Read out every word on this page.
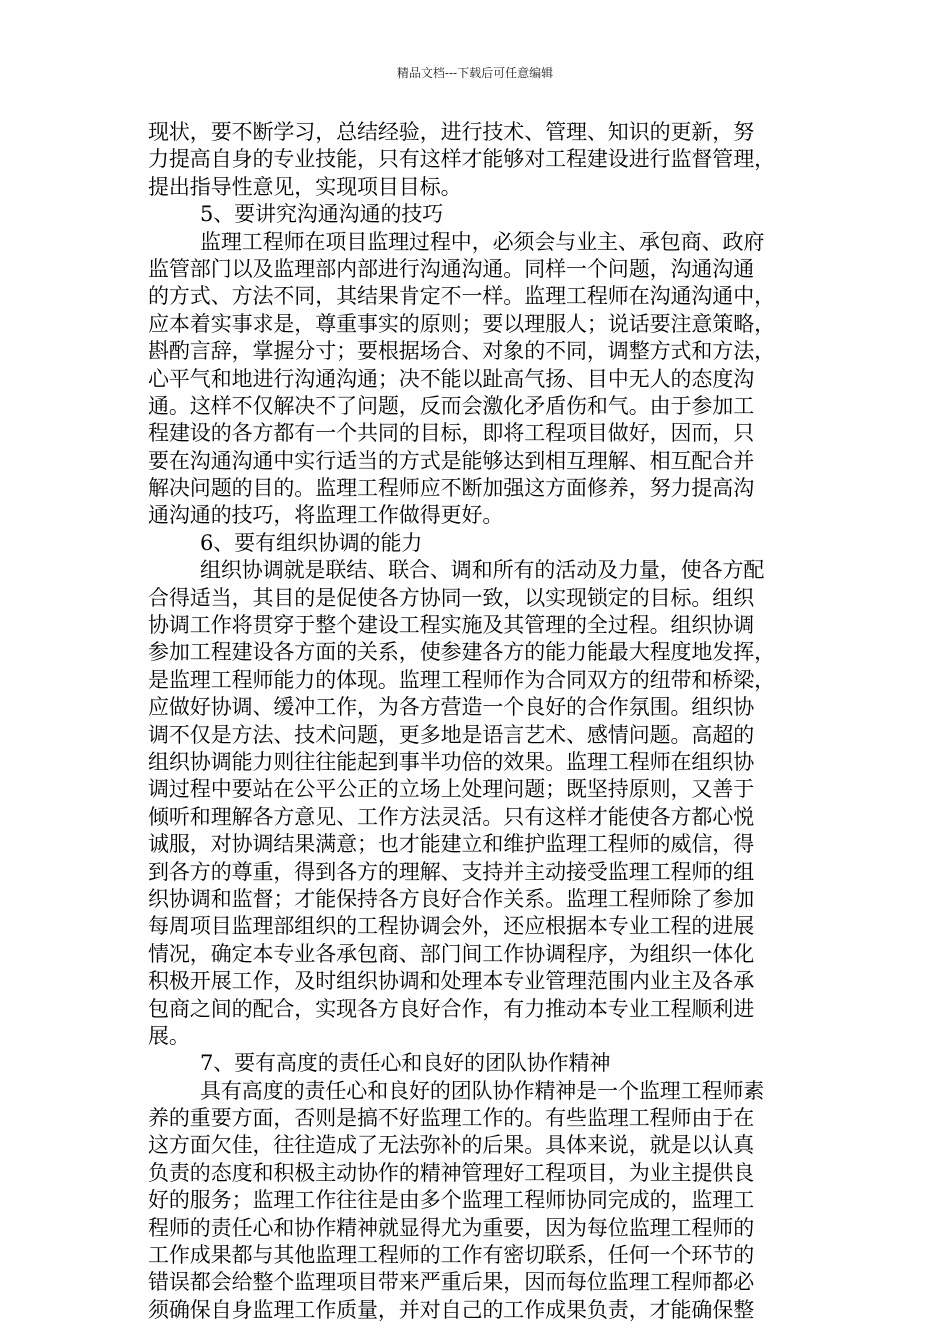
精品文档---下载后可任意编辑
现状，要不断学习，总结经验，进行技术、管理、知识的更新，努
力提高自身的专业技能，只有这样才能够对工程建设进行监督管理，
提出指导性意见，实现项目目标。
5、要讲究沟通沟通的技巧
监理工程师在项目监理过程中，必须会与业主、承包商、政府
监管部门以及监理部内部进行沟通沟通。同样一个问题，沟通沟通
的方式、方法不同，其结果肯定不一样。监理工程师在沟通沟通中，
应本着实事求是，尊重事实的原则；要以理服人；说话要注意策略，
斟酌言辞，掌握分寸；要根据场合、对象的不同，调整方式和方法，
心平气和地进行沟通沟通；决不能以趾高气扬、目中无人的态度沟
通。这样不仅解决不了问题，反而会激化矛盾伤和气。由于参加工
程建设的各方都有一个共同的目标，即将工程项目做好，因而，只
要在沟通沟通中实行适当的方式是能够达到相互理解、相互配合并
解决问题的目的。监理工程师应不断加强这方面修养，努力提高沟
通沟通的技巧，将监理工作做得更好。
6、要有组织协调的能力
组织协调就是联结、联合、调和所有的活动及力量，使各方配
合得适当，其目的是促使各方协同一致，以实现锁定的目标。组织
协调工作将贯穿于整个建设工程实施及其管理的全过程。组织协调
参加工程建设各方面的关系，使参建各方的能力能最大程度地发挥，
是监理工程师能力的体现。监理工程师作为合同双方的纽带和桥梁，
应做好协调、缓冲工作，为各方营造一个良好的合作氛围。组织协
调不仅是方法、技术问题，更多地是语言艺术、感情问题。高超的
组织协调能力则往往能起到事半功倍的效果。监理工程师在组织协
调过程中要站在公平公正的立场上处理问题；既坚持原则，又善于
倾听和理解各方意见、工作方法灵活。只有这样才能使各方都心悦
诚服，对协调结果满意；也才能建立和维护监理工程师的威信，得
到各方的尊重，得到各方的理解、支持并主动接受监理工程师的组
织协调和监督；才能保持各方良好合作关系。监理工程师除了参加
每周项目监理部组织的工程协调会外，还应根据本专业工程的进展
情况，确定本专业各承包商、部门间工作协调程序，为组织一体化
积极开展工作，及时组织协调和处理本专业管理范围内业主及各承
包商之间的配合，实现各方良好合作，有力推动本专业工程顺利进
展。
7、要有高度的责任心和良好的团队协作精神
具有高度的责任心和良好的团队协作精神是一个监理工程师素
养的重要方面，否则是搞不好监理工作的。有些监理工程师由于在
这方面欠佳，往往造成了无法弥补的后果。具体来说，就是以认真
负责的态度和积极主动协作的精神管理好工程项目，为业主提供良
好的服务；监理工作往往是由多个监理工程师协同完成的，监理工
程师的责任心和协作精神就显得尤为重要，因为每位监理工程师的
工作成果都与其他监理工程师的工作有密切联系，任何一个环节的
错误都会给整个监理项目带来严重后果，因而每位监理工程师都必
须确保自身监理工作质量，并对自己的工作成果负责，才能确保整
